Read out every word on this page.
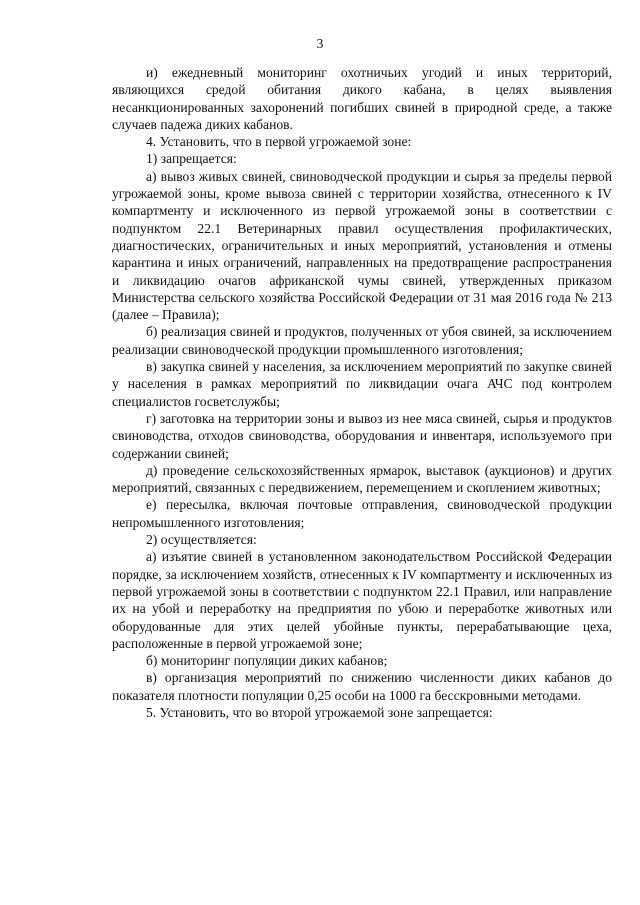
3

и) ежедневный мониторинг охотничьих угодий и иных территорий, являющихся средой обитания дикого кабана, в целях выявления несанкционированных захоронений погибших свиней в природной среде, а также случаев падежа диких кабанов.

4. Установить, что в первой угрожаемой зоне:

1) запрещается:

а) вывоз живых свиней, свиноводческой продукции и сырья за пределы первой угрожаемой зоны, кроме вывоза свиней с территории хозяйства, отнесенного к IV компартменту и исключенного из первой угрожаемой зоны в соответствии с подпунктом 22.1 Ветеринарных правил осуществления профилактических, диагностических, ограничительных и иных мероприятий, установления и отмены карантина и иных ограничений, направленных на предотвращение распространения и ликвидацию очагов африканской чумы свиней, утвержденных приказом Министерства сельского хозяйства Российской Федерации от 31 мая 2016 года № 213 (далее – Правила);

б) реализация свиней и продуктов, полученных от убоя свиней, за исключением реализации свиноводческой продукции промышленного изготовления;

в) закупка свиней у населения, за исключением мероприятий по закупке свиней у населения в рамках мероприятий по ликвидации очага АЧС под контролем специалистов госветслужбы;

г) заготовка на территории зоны и вывоз из нее мяса свиней, сырья и продуктов свиноводства, отходов свиноводства, оборудования и инвентаря, используемого при содержании свиней;

д) проведение сельскохозяйственных ярмарок, выставок (аукционов) и других мероприятий, связанных с передвижением, перемещением и скоплением животных;

е) пересылка, включая почтовые отправления, свиноводческой продукции непромышленного изготовления;

2) осуществляется:

а) изъятие свиней в установленном законодательством Российской Федерации порядке, за исключением хозяйств, отнесенных к IV компартменту и исключенных из первой угрожаемой зоны в соответствии с подпунктом 22.1 Правил, или направление их на убой и переработку на предприятия по убою и переработке животных или оборудованные для этих целей убойные пункты, перерабатывающие цеха, расположенные в первой угрожаемой зоне;

б) мониторинг популяции диких кабанов;

в) организация мероприятий по снижению численности диких кабанов до показателя плотности популяции 0,25 особи на 1000 га бесскровными методами.

5. Установить, что во второй угрожаемой зоне запрещается:
